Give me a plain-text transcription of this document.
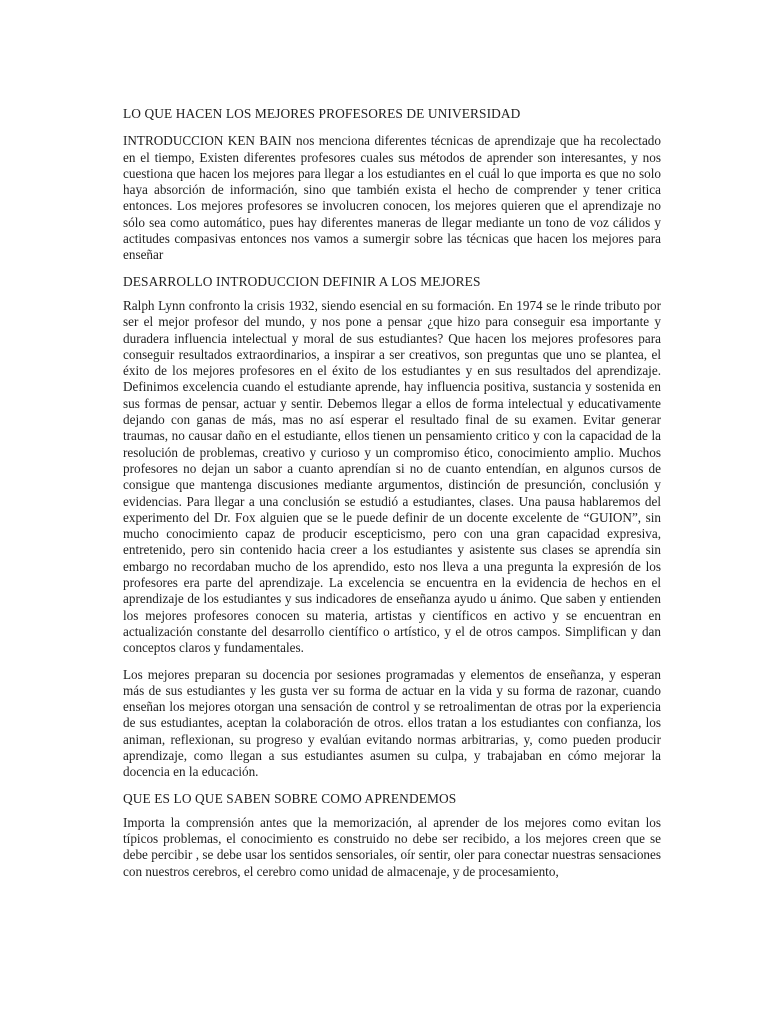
LO QUE HACEN LOS MEJORES PROFESORES DE UNIVERSIDAD

INTRODUCCION KEN BAIN nos menciona diferentes técnicas de aprendizaje que ha recolectado en el tiempo, Existen diferentes profesores cuales sus métodos de aprender son interesantes, y nos cuestiona que hacen los mejores para llegar a los estudiantes en el cuál lo que importa es que no solo haya absorción de información, sino que también exista el hecho de comprender y tener critica entonces. Los mejores profesores se involucren conocen, los mejores quieren que el aprendizaje no sólo sea como automático, pues hay diferentes maneras de llegar mediante un tono de voz cálidos y actitudes compasivas entonces nos vamos a sumergir sobre las técnicas que hacen los mejores para enseñar

DESARROLLO INTRODUCCION DEFINIR A LOS MEJORES

Ralph Lynn confronto la crisis 1932, siendo esencial en su formación. En 1974 se le rinde tributo por ser el mejor profesor del mundo, y nos pone a pensar ¿que hizo para conseguir esa importante y duradera influencia intelectual y moral de sus estudiantes? Que hacen los mejores profesores para conseguir resultados extraordinarios, a inspirar a ser creativos, son preguntas que uno se plantea, el éxito de los mejores profesores en el éxito de los estudiantes y en sus resultados del aprendizaje. Definimos excelencia cuando el estudiante aprende, hay influencia positiva, sustancia y sostenida en sus formas de pensar, actuar y sentir. Debemos llegar a ellos de forma intelectual y educativamente dejando con ganas de más, mas no así esperar el resultado final de su examen. Evitar generar traumas, no causar daño en el estudiante, ellos tienen un pensamiento critico y con la capacidad de la resolución de problemas, creativo y curioso y un compromiso ético, conocimiento amplio. Muchos profesores no dejan un sabor a cuanto aprendían si no de cuanto entendían, en algunos cursos de consigue que mantenga discusiones mediante argumentos, distinción de presunción, conclusión y evidencias. Para llegar a una conclusión se estudió a estudiantes, clases. Una pausa hablaremos del experimento del Dr. Fox alguien que se le puede definir de un docente excelente de “GUION”, sin mucho conocimiento capaz de producir escepticismo, pero con una gran capacidad expresiva, entretenido, pero sin contenido hacia creer a los estudiantes y asistente sus clases se aprendía sin embargo no recordaban mucho de los aprendido, esto nos lleva a una pregunta la expresión de los profesores era parte del aprendizaje. La excelencia se encuentra en la evidencia de hechos en el aprendizaje de los estudiantes y sus indicadores de enseñanza ayudo u ánimo. Que saben y entienden los mejores profesores conocen su materia, artistas y científicos en activo y se encuentran en actualización constante del desarrollo científico o artístico, y el de otros campos. Simplifican y dan conceptos claros y fundamentales.

Los mejores preparan su docencia por sesiones programadas y elementos de enseñanza, y esperan más de sus estudiantes y les gusta ver su forma de actuar en la vida y su forma de razonar, cuando enseñan los mejores otorgan una sensación de control y se retroalimentan de otras por la experiencia de sus estudiantes, aceptan la colaboración de otros. ellos tratan a los estudiantes con confianza, los animan, reflexionan, su progreso y evalúan evitando normas arbitrarias, y, como pueden producir aprendizaje, como llegan a sus estudiantes asumen su culpa, y trabajaban en cómo mejorar la docencia en la educación.

QUE ES LO QUE SABEN SOBRE COMO APRENDEMOS

Importa la comprensión antes que la memorización, al aprender de los mejores como evitan los típicos problemas, el conocimiento es construido no debe ser recibido, a los mejores creen que se debe percibir , se debe usar los sentidos sensoriales, oír sentir, oler para conectar nuestras sensaciones con nuestros cerebros, el cerebro como unidad de almacenaje, y de procesamiento,
